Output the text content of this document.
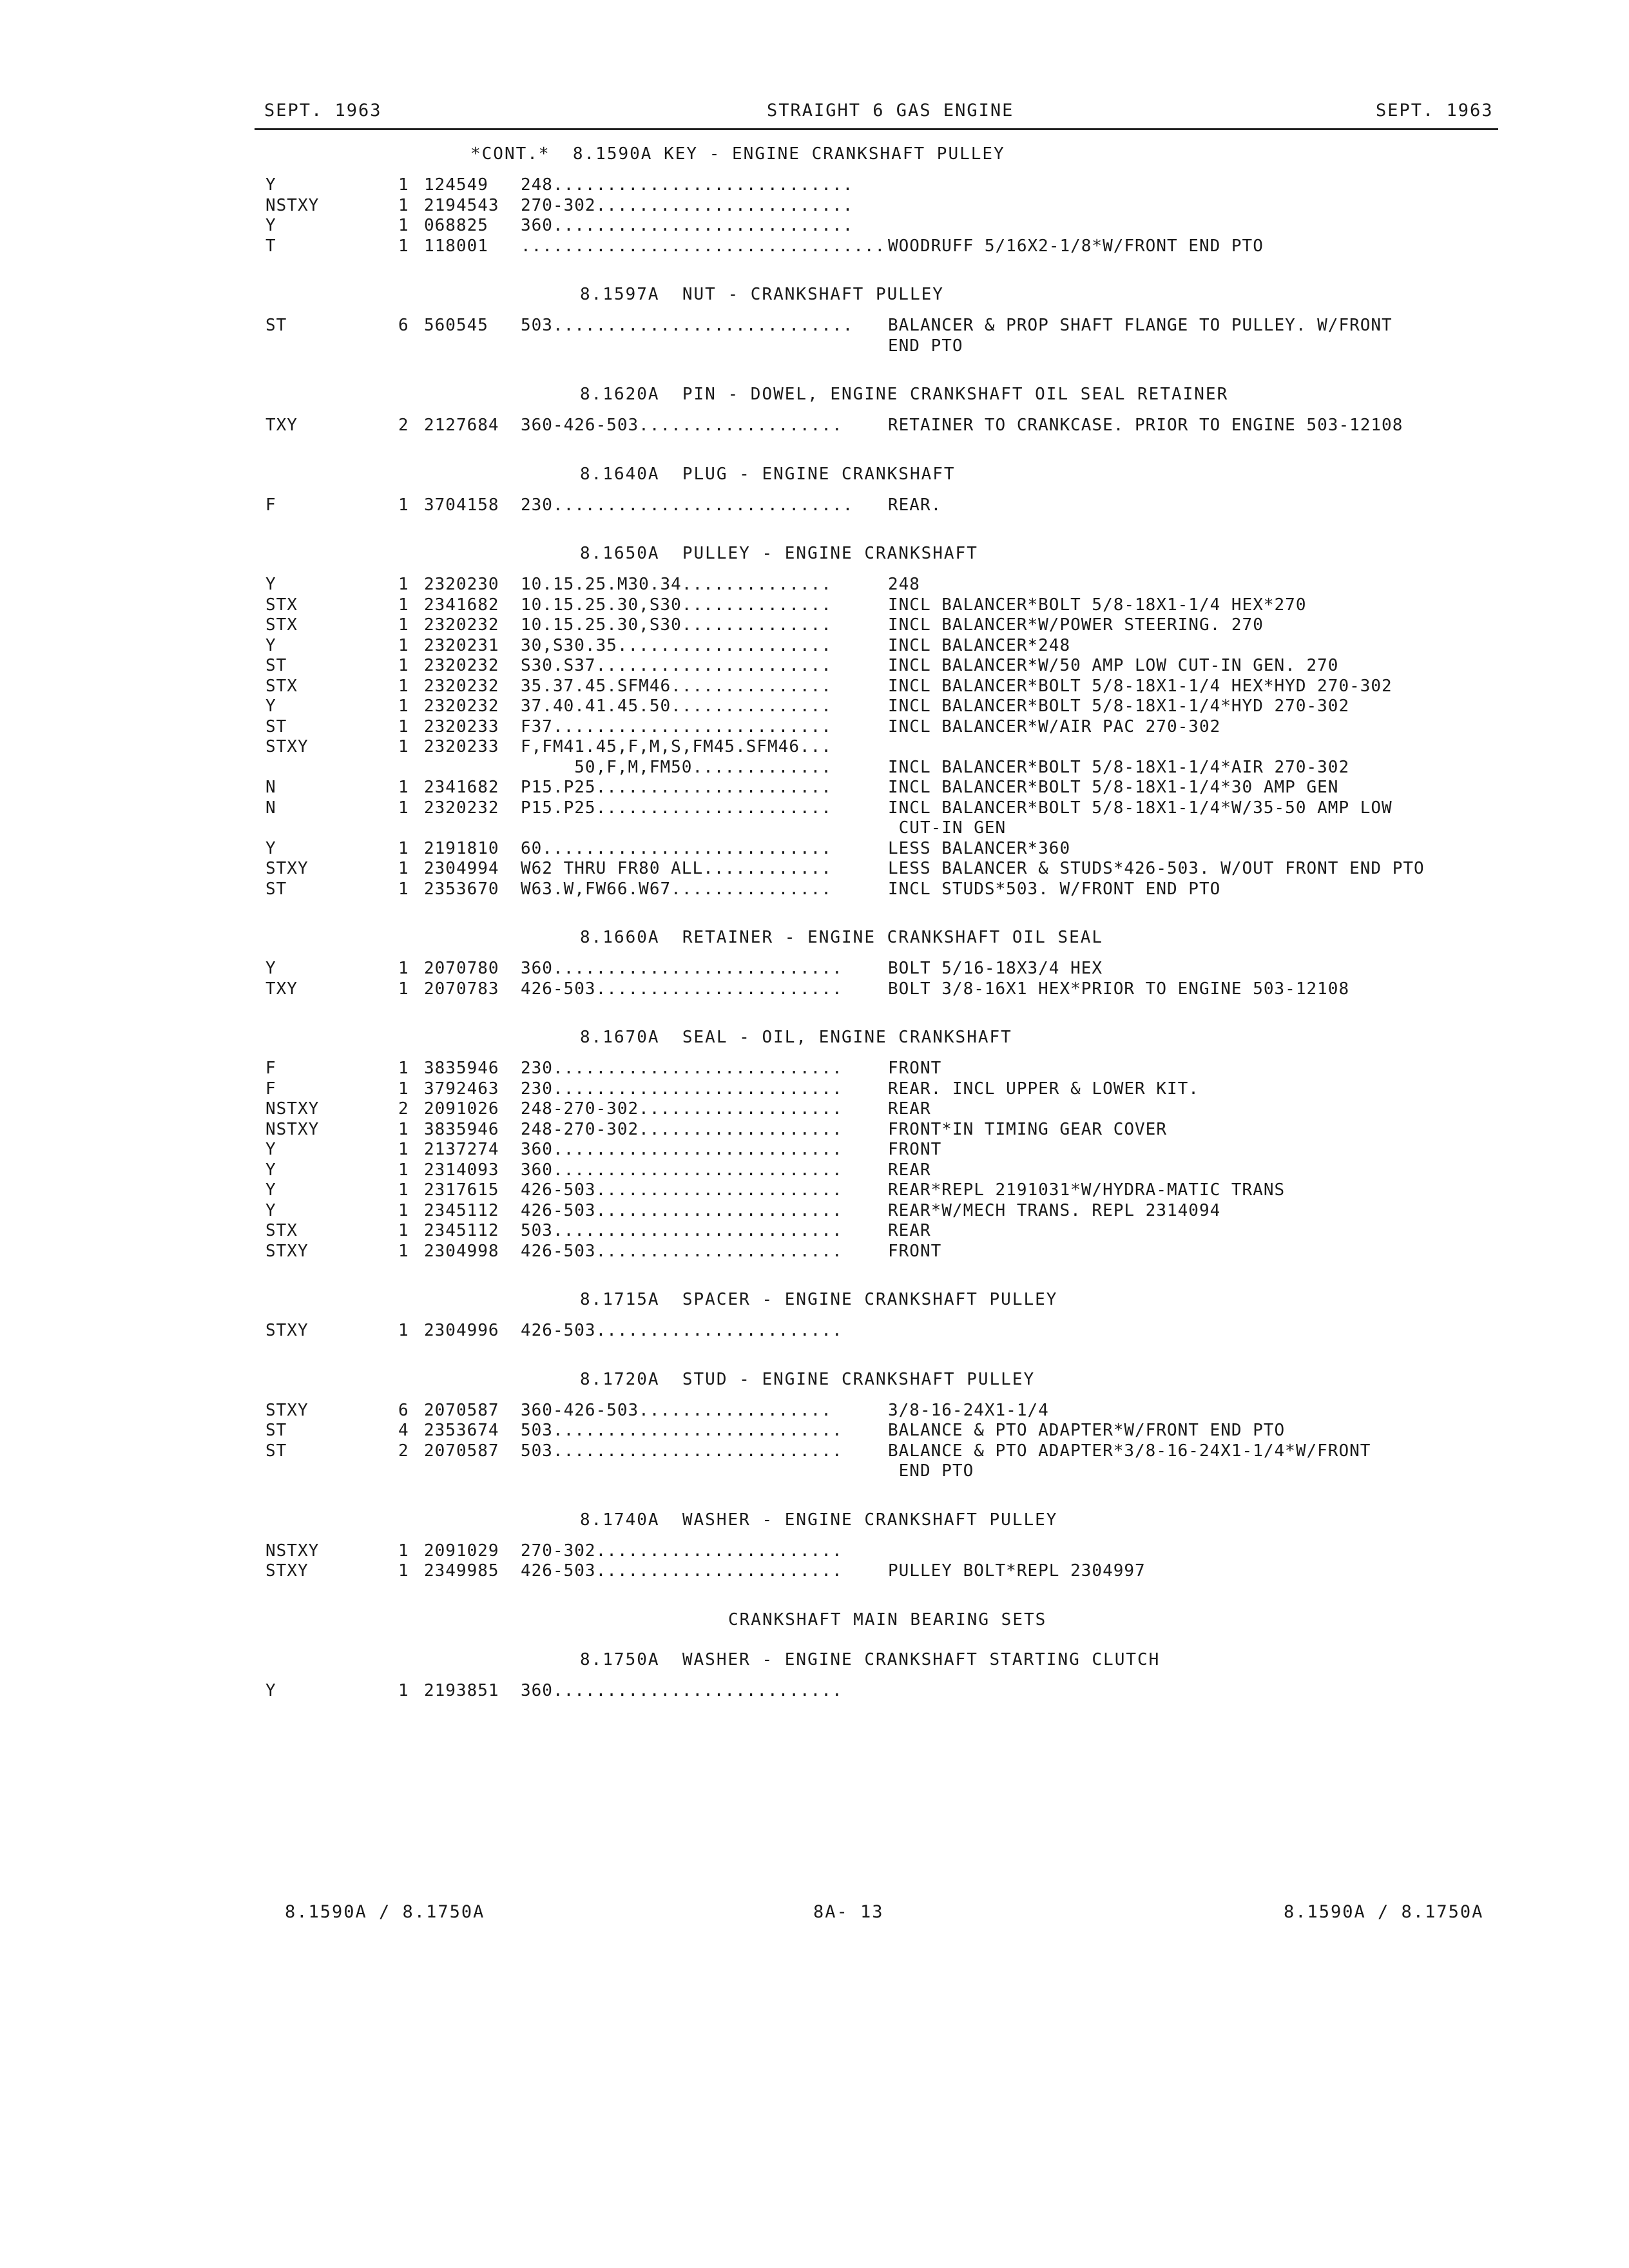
SEPT. 1963	STRAIGHT 6 GAS ENGINE	SEPT. 1963
*CONT.*  8.1590A KEY - ENGINE CRANKSHAFT PULLEY
Y	1 124549 248............................
NSTXY	1 2194543 270-302........................
Y	1 068825 360............................
T	1 118001 .................................. WOODRUFF 5/16X2-1/8*W/FRONT END PTO
8.1597A  NUT - CRANKSHAFT PULLEY
ST	6 560545 503............................ BALANCER & PROP SHAFT FLANGE TO PULLEY. W/FRONT
END PTO
8.1620A  PIN - DOWEL, ENGINE CRANKSHAFT OIL SEAL RETAINER
TXY	2 2127684 360-426-503...................	RETAINER TO CRANKCASE. PRIOR TO ENGINE 503-12108
8.1640A  PLUG - ENGINE CRANKSHAFT
F	1 3704158 230............................ REAR.
8.1650A  PULLEY - ENGINE CRANKSHAFT
Y	1 2320230 10.15.25.M30.34..............	248
STX	1 2341682 10.15.25.30,S30..............	INCL BALANCER*BOLT 5/8-18X1-1/4 HEX*270
STX	1 2320232 10.15.25.30,S30..............	INCL BALANCER*W/POWER STEERING. 270
Y	1 2320231 30,S30.35....................	INCL BALANCER*248
ST	1 2320232 S30.S37......................	INCL BALANCER*W/50 AMP LOW CUT-IN GEN. 270
STX	1 2320232 35.37.45.SFM46...............	INCL BALANCER*BOLT 5/8-18X1-1/4 HEX*HYD 270-302
Y	1 2320232 37.40.41.45.50...............	INCL BALANCER*BOLT 5/8-18X1-1/4*HYD 270-302
ST	1 2320233 F37..........................	INCL BALANCER*W/AIR PAC 270-302
STXY	1 2320233 F,FM41.45,F,M,S,FM45.SFM46...
50,F,M,FM50.............	INCL BALANCER*BOLT 5/8-18X1-1/4*AIR 270-302
N	1 2341682 P15.P25......................	INCL BALANCER*BOLT 5/8-18X1-1/4*30 AMP GEN
N	1 2320232 P15.P25......................	INCL BALANCER*BOLT 5/8-18X1-1/4*W/35-50 AMP LOW
CUT-IN GEN
Y	1 2191810 60...........................	LESS BALANCER*360
STXY	1 2304994 W62 THRU FR80 ALL............	LESS BALANCER & STUDS*426-503. W/OUT FRONT END PTO
ST	1 2353670 W63.W,FW66.W67...............	INCL STUDS*503. W/FRONT END PTO
8.1660A  RETAINER - ENGINE CRANKSHAFT OIL SEAL
Y	1 2070780 360...........................	BOLT 5/16-18X3/4 HEX
TXY	1 2070783 426-503.......................	BOLT 3/8-16X1 HEX*PRIOR TO ENGINE 503-12108
8.1670A  SEAL - OIL, ENGINE CRANKSHAFT
F	1 3835946 230...........................	FRONT
F	1 3792463 230...........................	REAR. INCL UPPER & LOWER KIT.
NSTXY	2 2091026 248-270-302...................	REAR
NSTXY	1 3835946 248-270-302...................	FRONT*IN TIMING GEAR COVER
Y	1 2137274 360...........................	FRONT
Y	1 2314093 360...........................	REAR
Y	1 2317615 426-503.......................	REAR*REPL 2191031*W/HYDRA-MATIC TRANS
Y	1 2345112 426-503.......................	REAR*W/MECH TRANS. REPL 2314094
STX	1 2345112 503...........................	REAR
STXY	1 2304998 426-503.......................	FRONT
8.1715A  SPACER - ENGINE CRANKSHAFT PULLEY
STXY	1 2304996 426-503.......................
8.1720A  STUD - ENGINE CRANKSHAFT PULLEY
STXY	6 2070587 360-426-503..................	3/8-16-24X1-1/4
ST	4 2353674 503...........................	BALANCE & PTO ADAPTER*W/FRONT END PTO
ST	2 2070587 503...........................	BALANCE & PTO ADAPTER*3/8-16-24X1-1/4*W/FRONT
END PTO
8.1740A  WASHER - ENGINE CRANKSHAFT PULLEY
NSTXY	1 2091029 270-302.......................
STXY	1 2349985 426-503.......................	PULLEY BOLT*REPL 2304997
CRANKSHAFT MAIN BEARING SETS
8.1750A  WASHER - ENGINE CRANKSHAFT STARTING CLUTCH
Y	1 2193851 360...........................
8.1590A / 8.1750A	8A- 13	8.1590A / 8.1750A
